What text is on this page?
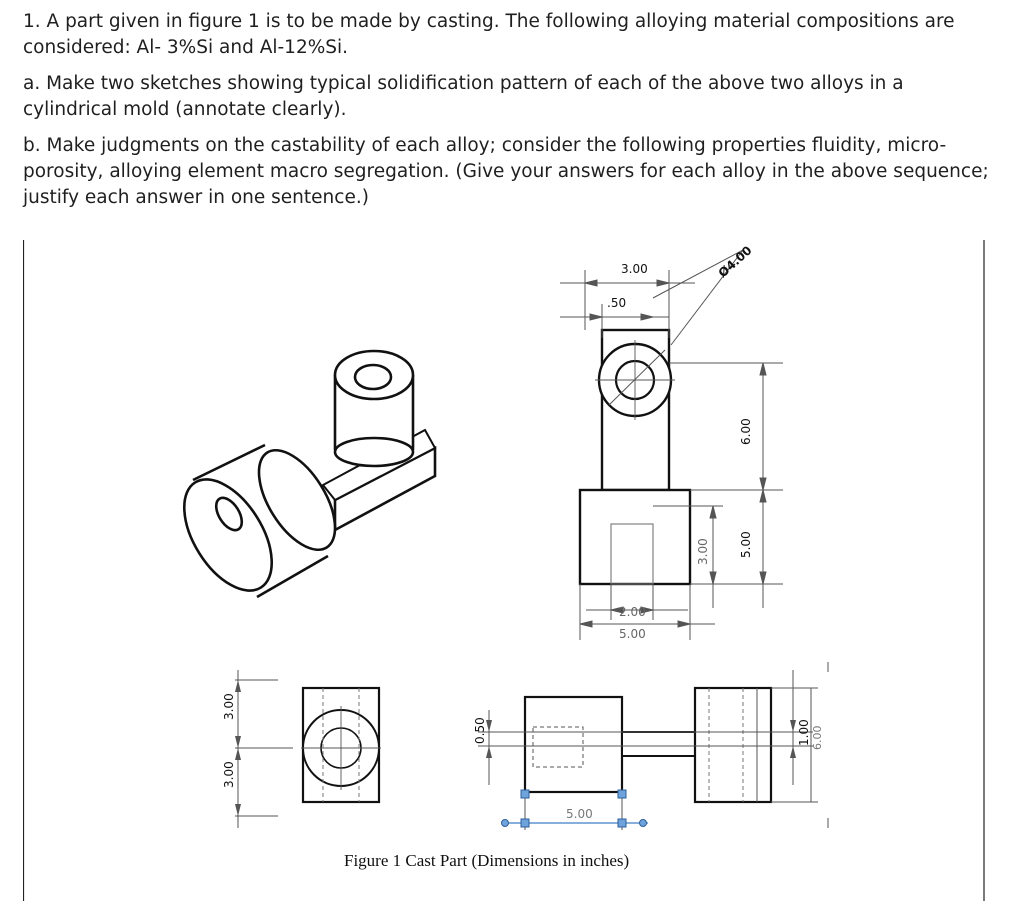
1. A part given in figure 1 is to be made by casting. The following alloying material compositions are considered: Al- 3%Si and Al-12%Si.

a. Make two sketches showing typical solidification pattern of each of the above two alloys in a cylindrical mold (annotate clearly).

b. Make judgments on the castability of each alloy; consider the following properties fluidity, micro-porosity, alloying element macro segregation. (Give your answers for each alloy in the above sequence; justify each answer in one sentence.)

3.00
.50
Ø4.00
6.00
5.00
3.00
2.00
5.00
3.00
3.00
0.50
5.00
1.00 6.00
Figure 1 Cast Part (Dimensions in inches)
